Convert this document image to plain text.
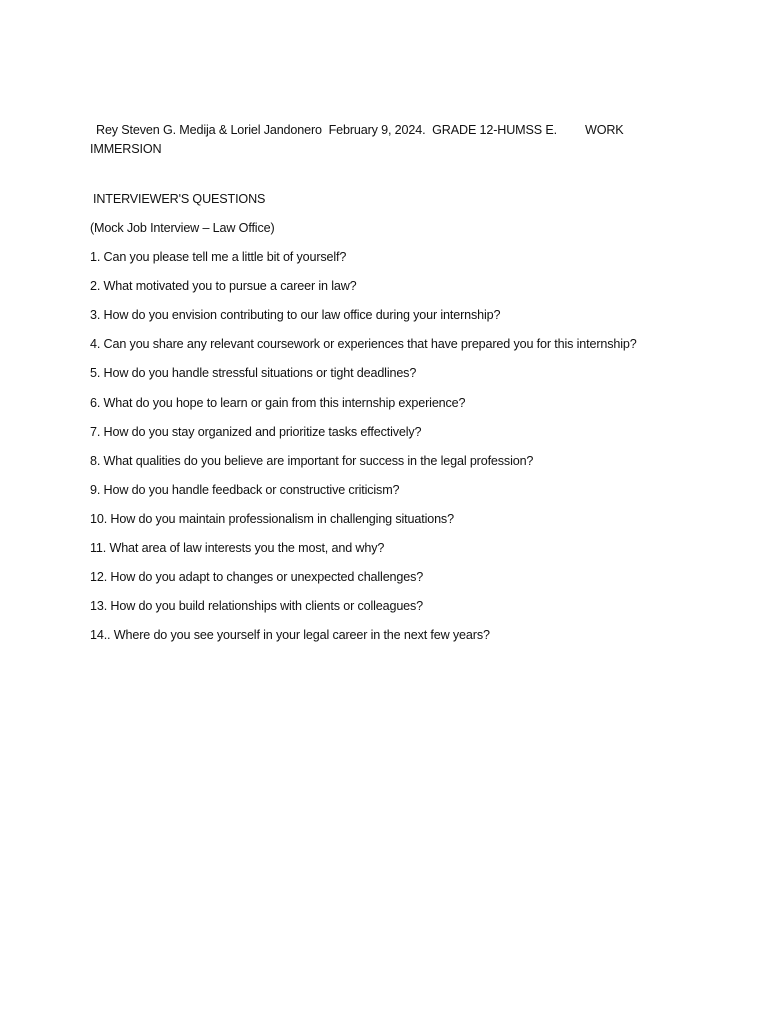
Rey Steven G. Medija & Loriel Jandonero February 9, 2024. GRADE 12-HUMSS E. WORK
IMMERSION
INTERVIEWER'S QUESTIONS
(Mock Job Interview – Law Office)
1. Can you please tell me a little bit of yourself?
2. What motivated you to pursue a career in law?
3. How do you envision contributing to our law office during your internship?
4. Can you share any relevant coursework or experiences that have prepared you for this internship?
5. How do you handle stressful situations or tight deadlines?
6. What do you hope to learn or gain from this internship experience?
7. How do you stay organized and prioritize tasks effectively?
8. What qualities do you believe are important for success in the legal profession?
9. How do you handle feedback or constructive criticism?
10. How do you maintain professionalism in challenging situations?
11. What area of law interests you the most, and why?
12. How do you adapt to changes or unexpected challenges?
13. How do you build relationships with clients or colleagues?
14.. Where do you see yourself in your legal career in the next few years?
